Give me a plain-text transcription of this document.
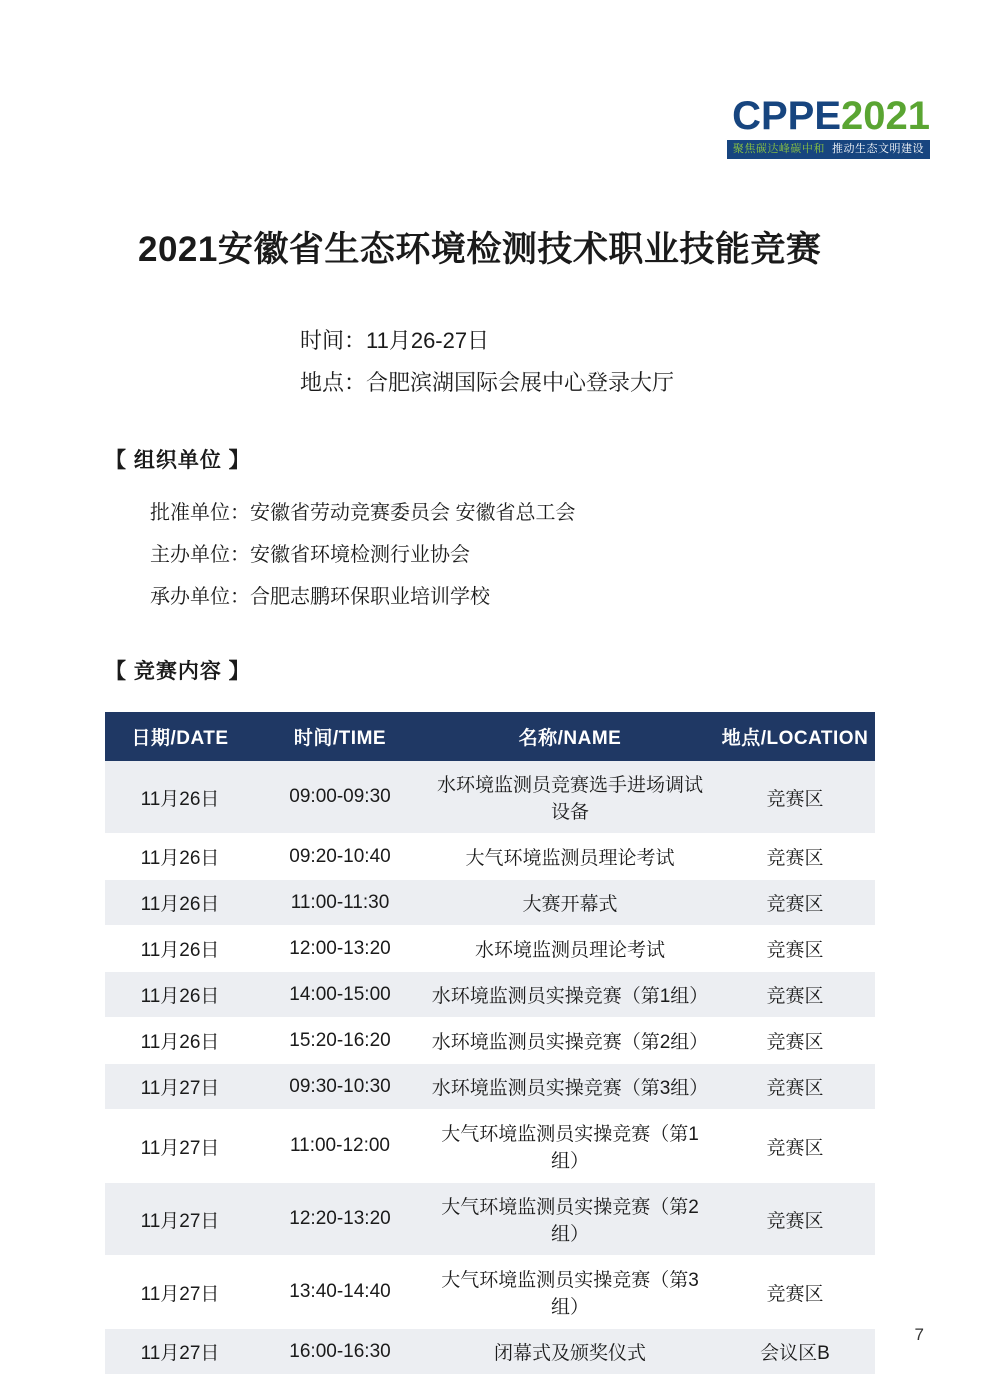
CPPE2021
聚焦碳达峰碳中和 推动生态文明建设
2021安徽省生态环境检测技术职业技能竞赛
时间：11月26-27日
地点：合肥滨湖国际会展中心登录大厅
【 组织单位 】
批准单位：安徽省劳动竞赛委员会 安徽省总工会
主办单位：安徽省环境检测行业协会
承办单位：合肥志鹏环保职业培训学校
【 竞赛内容 】
日期/DATE	时间/TIME	名称/NAME	地点/LOCATION
11月26日	09:00-09:30	水环境监测员竞赛选手进场调试设备	竞赛区
11月26日	09:20-10:40	大气环境监测员理论考试	竞赛区
11月26日	11:00-11:30	大赛开幕式	竞赛区
11月26日	12:00-13:20	水环境监测员理论考试	竞赛区
11月26日	14:00-15:00	水环境监测员实操竞赛（第1组）	竞赛区
11月26日	15:20-16:20	水环境监测员实操竞赛（第2组）	竞赛区
11月27日	09:30-10:30	水环境监测员实操竞赛（第3组）	竞赛区
11月27日	11:00-12:00	大气环境监测员实操竞赛（第1组）	竞赛区
11月27日	12:20-13:20	大气环境监测员实操竞赛（第2组）	竞赛区
11月27日	13:40-14:40	大气环境监测员实操竞赛（第3组）	竞赛区
11月27日	16:00-16:30	闭幕式及颁奖仪式	会议区B
7
